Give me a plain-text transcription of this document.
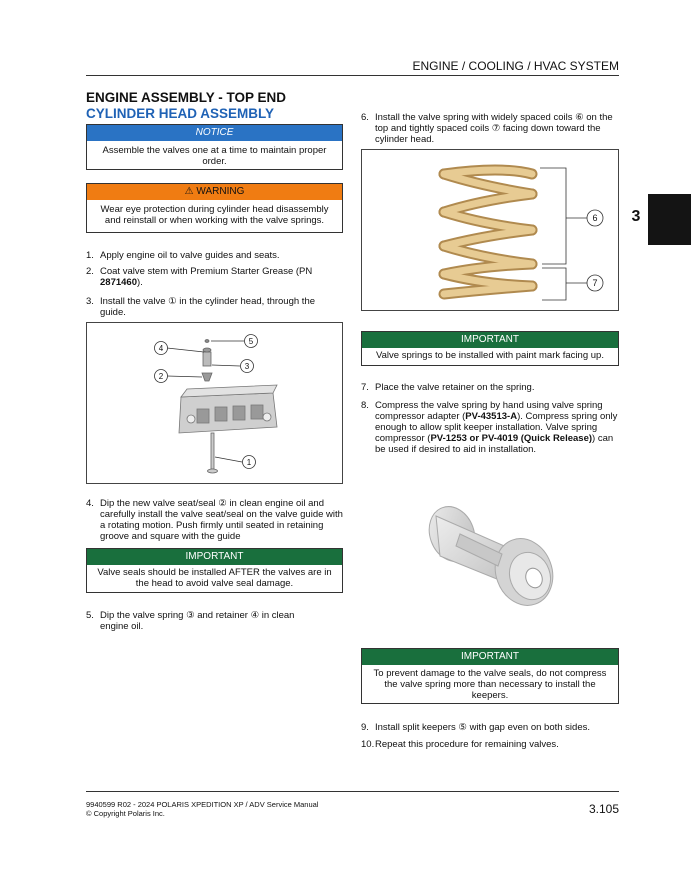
ENGINE / COOLING / HVAC SYSTEM
3
ENGINE ASSEMBLY - TOP END
CYLINDER HEAD ASSEMBLY
NOTICE
Assemble the valves one at a time to maintain proper order.
⚠ WARNING
Wear eye protection during cylinder head disassembly and reinstall or when working with the valve springs.
1. Apply engine oil to valve guides and seats.
2. Coat valve stem with Premium Starter Grease (PN 2871460).
3. Install the valve ① in the cylinder head, through the guide.
4
5
2
3
1
4. Dip the new valve seat/seal ② in clean engine oil and carefully install the valve seat/seal on the valve guide with a rotating motion. Push firmly until seated in retaining groove and square with the guide
IMPORTANT
Valve seals should be installed AFTER the valves are in the head to avoid valve seal damage.
5. Dip the valve spring ③ and retainer ④ in clean engine oil.
6. Install the valve spring with widely spaced coils ⑥ on the top and tightly spaced coils ⑦ facing down toward the cylinder head.
6
7
IMPORTANT
Valve springs to be installed with paint mark facing up.
7. Place the valve retainer on the spring.
8. Compress the valve spring by hand using valve spring compressor adapter (PV-43513-A). Compress spring only enough to allow split keeper installation. Valve spring compressor (PV-1253 or PV-4019 (Quick Release)) can be used if desired to aid in installation.
IMPORTANT
To prevent damage to the valve seals, do not compress the valve spring more than necessary to install the keepers.
9. Install split keepers ⑤ with gap even on both sides.
10. Repeat this procedure for remaining valves.
9940599 R02 - 2024 POLARIS XPEDITION XP / ADV Service Manual
© Copyright Polaris Inc.	3.105
